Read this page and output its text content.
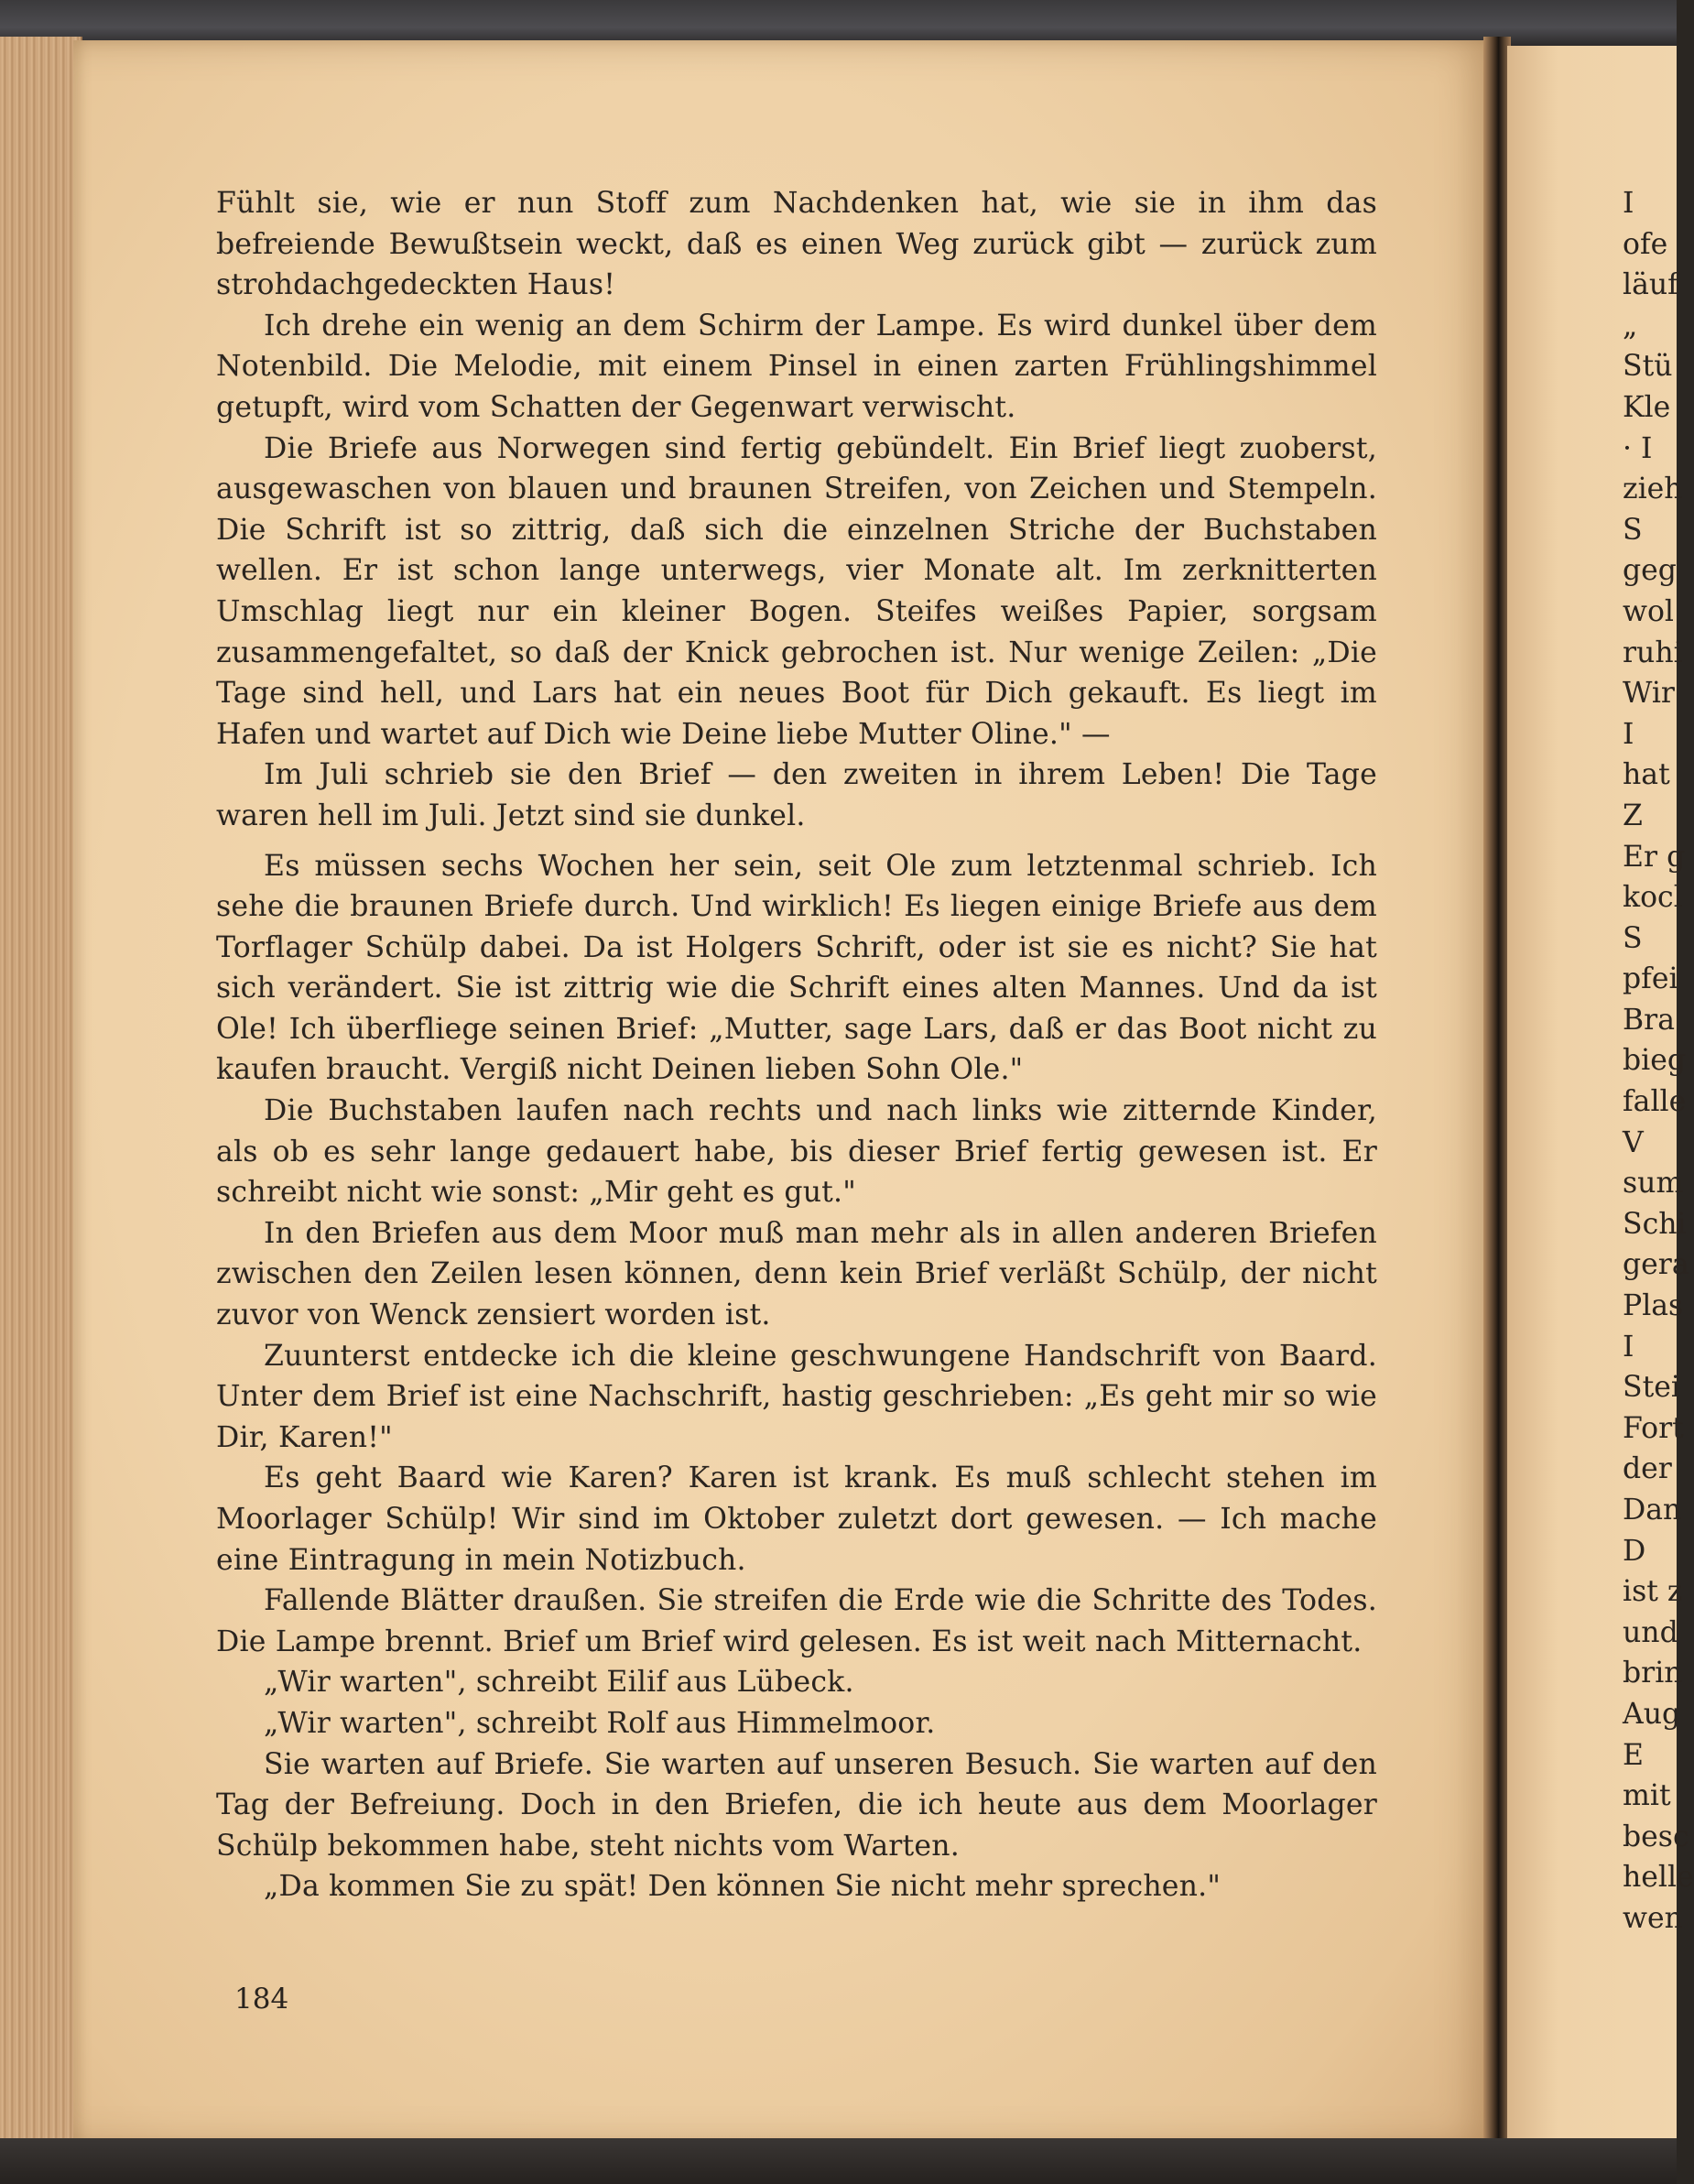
Fühlt sie, wie er nun Stoff zum Nachdenken hat, wie sie in ihm das befreiende Bewußtsein weckt, daß es einen Weg zurück gibt — zurück zum strohdachgedeckten Haus!

Ich drehe ein wenig an dem Schirm der Lampe. Es wird dunkel über dem Notenbild. Die Melodie, mit einem Pinsel in einen zarten Frühlingshimmel getupft, wird vom Schatten der Gegenwart verwischt.

Die Briefe aus Norwegen sind fertig gebündelt. Ein Brief liegt zuoberst, ausgewaschen von blauen und braunen Streifen, von Zeichen und Stempeln. Die Schrift ist so zittrig, daß sich die einzelnen Striche der Buchstaben wellen. Er ist schon lange unterwegs, vier Monate alt. Im zerknitterten Umschlag liegt nur ein kleiner Bogen. Steifes weißes Papier, sorgsam zusammengefaltet, so daß der Knick gebrochen ist. Nur wenige Zeilen: „Die Tage sind hell, und Lars hat ein neues Boot für Dich gekauft. Es liegt im Hafen und wartet auf Dich wie Deine liebe Mutter Oline." —

Im Juli schrieb sie den Brief — den zweiten in ihrem Leben! Die Tage waren hell im Juli. Jetzt sind sie dunkel.

Es müssen sechs Wochen her sein, seit Ole zum letztenmal schrieb. Ich sehe die braunen Briefe durch. Und wirklich! Es liegen einige Briefe aus dem Torflager Schülp dabei. Da ist Holgers Schrift, oder ist sie es nicht? Sie hat sich verändert. Sie ist zittrig wie die Schrift eines alten Mannes. Und da ist Ole! Ich überfliege seinen Brief: „Mutter, sage Lars, daß er das Boot nicht zu kaufen braucht. Vergiß nicht Deinen lieben Sohn Ole."

Die Buchstaben laufen nach rechts und nach links wie zitternde Kinder, als ob es sehr lange gedauert habe, bis dieser Brief fertig gewesen ist. Er schreibt nicht wie sonst: „Mir geht es gut."

In den Briefen aus dem Moor muß man mehr als in allen anderen Briefen zwischen den Zeilen lesen können, denn kein Brief verläßt Schülp, der nicht zuvor von Wenck zensiert worden ist.

Zuunterst entdecke ich die kleine geschwungene Handschrift von Baard. Unter dem Brief ist eine Nachschrift, hastig geschrieben: „Es geht mir so wie Dir, Karen!"

Es geht Baard wie Karen? Karen ist krank. Es muß schlecht stehen im Moorlager Schülp! Wir sind im Oktober zuletzt dort gewesen. — Ich mache eine Eintragung in mein Notizbuch.

Fallende Blätter draußen. Sie streifen die Erde wie die Schritte des Todes. Die Lampe brennt. Brief um Brief wird gelesen. Es ist weit nach Mitternacht.

„Wir warten", schreibt Eilif aus Lübeck.

„Wir warten", schreibt Rolf aus Himmelmoor.

Sie warten auf Briefe. Sie warten auf unseren Besuch. Sie warten auf den Tag der Befreiung. Doch in den Briefen, die ich heute aus dem Moorlager Schülp bekommen habe, steht nichts vom Warten.

„Da kommen Sie zu spät! Den können Sie nicht mehr sprechen."

184
I
ofe
läuf
„
Stü
Kle
· I
zieh
S
geg
wol
ruhi
Wir
I
hat
Z
Er g
kocl
S
pfei
Bra
bieg
falle
V
sum
Schi
gera
Plas
I
Stei
Fort
der
Dan
D
ist z
und
brin
Aug
E
mit
besc
helle
wen
